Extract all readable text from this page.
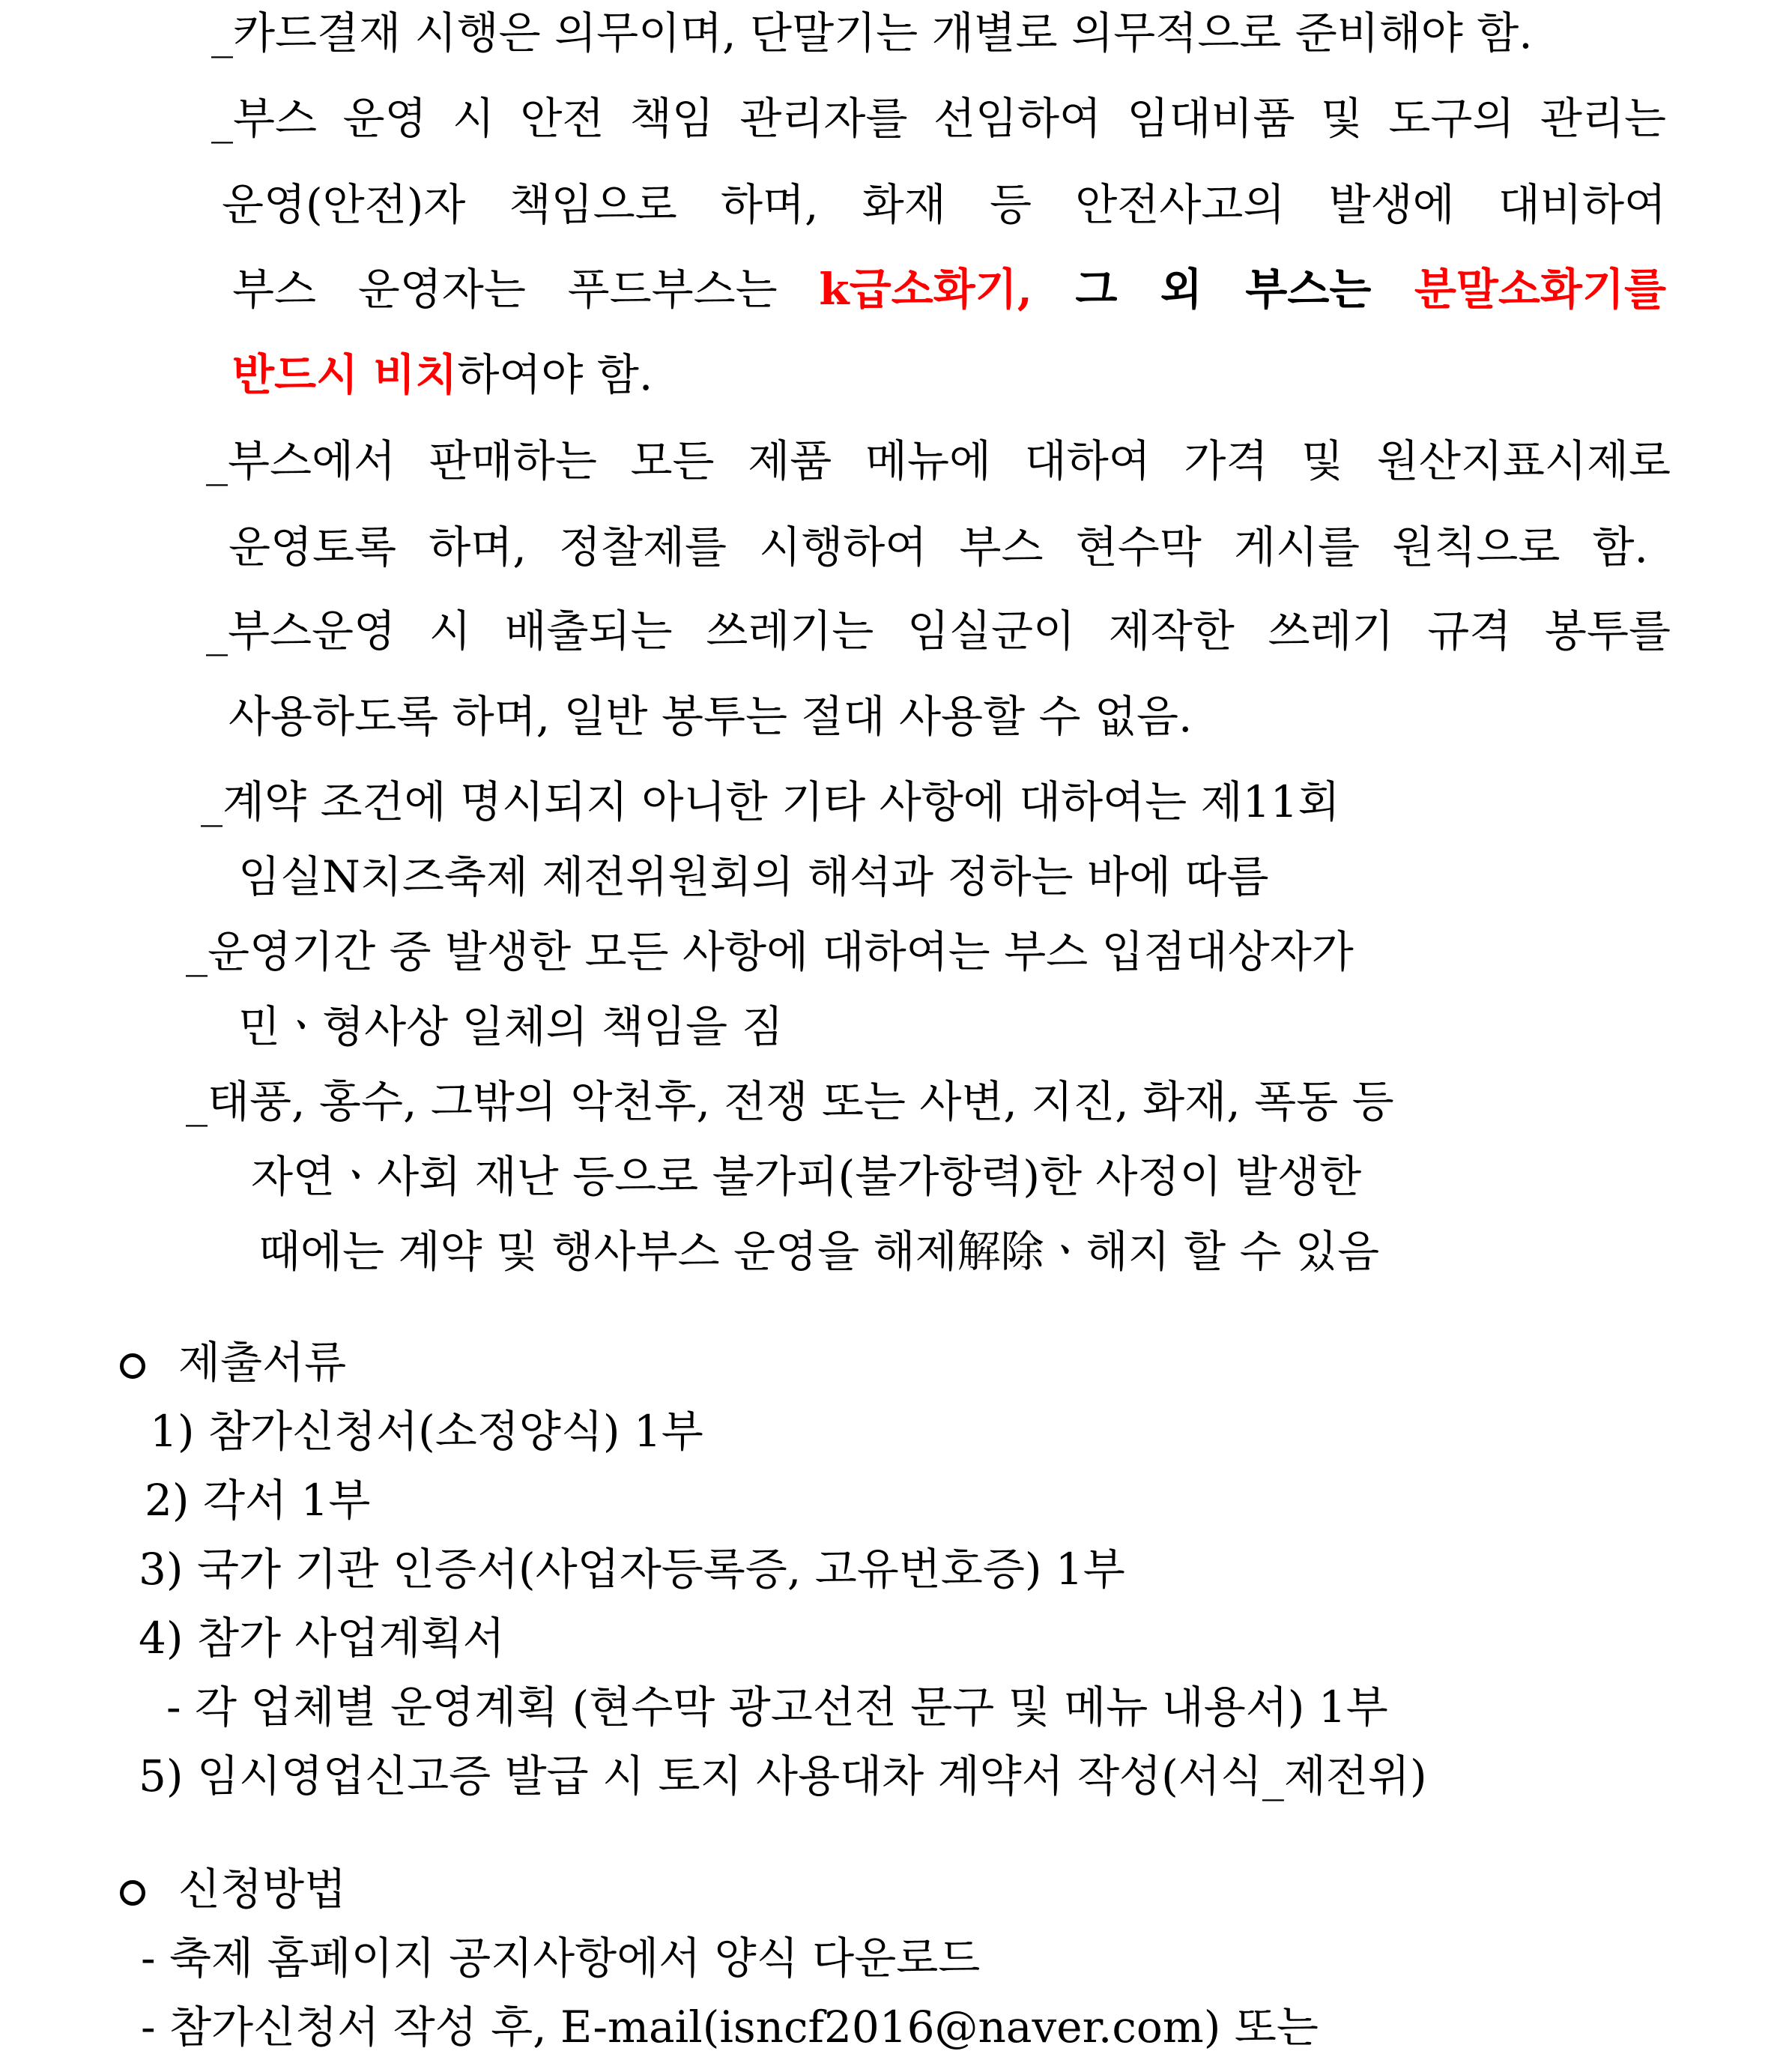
_카드결재 시행은 의무이며, 단말기는 개별로 의무적으로 준비해야 함.
_부스 운영 시 안전 책임 관리자를 선임하여 임대비품 및 도구의 관리는
운영(안전)자 책임으로 하며, 화재 등 안전사고의 발생에 대비하여
부스 운영자는 푸드부스는 k급소화기, 그 외 부스는 분말소화기를
반드시 비치하여야 함.
_부스에서 판매하는 모든 제품 메뉴에 대하여 가격 및 원산지표시제로
운영토록 하며, 정찰제를 시행하여 부스 현수막 게시를 원칙으로 함.
_부스운영 시 배출되는 쓰레기는 임실군이 제작한 쓰레기 규격 봉투를
사용하도록 하며, 일반 봉투는 절대 사용할 수 없음.
_계약 조건에 명시되지 아니한 기타 사항에 대하여는 제11회
임실N치즈축제 제전위원회의 해석과 정하는 바에 따름
_운영기간 중 발생한 모든 사항에 대하여는 부스 입점대상자가
민ㆍ형사상 일체의 책임을 짐
_태풍, 홍수, 그밖의 악천후, 전쟁 또는 사변, 지진, 화재, 폭동 등
자연ㆍ사회 재난 등으로 불가피(불가항력)한 사정이 발생한
때에는 계약 및 행사부스 운영을 해제解除ㆍ해지 할 수 있음
제출서류
1) 참가신청서(소정양식) 1부
2) 각서 1부
3) 국가 기관 인증서(사업자등록증, 고유번호증) 1부
4) 참가 사업계획서
- 각 업체별 운영계획 (현수막 광고선전 문구 및 메뉴 내용서) 1부
5) 임시영업신고증 발급 시 토지 사용대차 계약서 작성(서식_제전위)
신청방법
- 축제 홈페이지 공지사항에서 양식 다운로드
- 참가신청서 작성 후, E-mail(isncf2016@naver.com) 또는
